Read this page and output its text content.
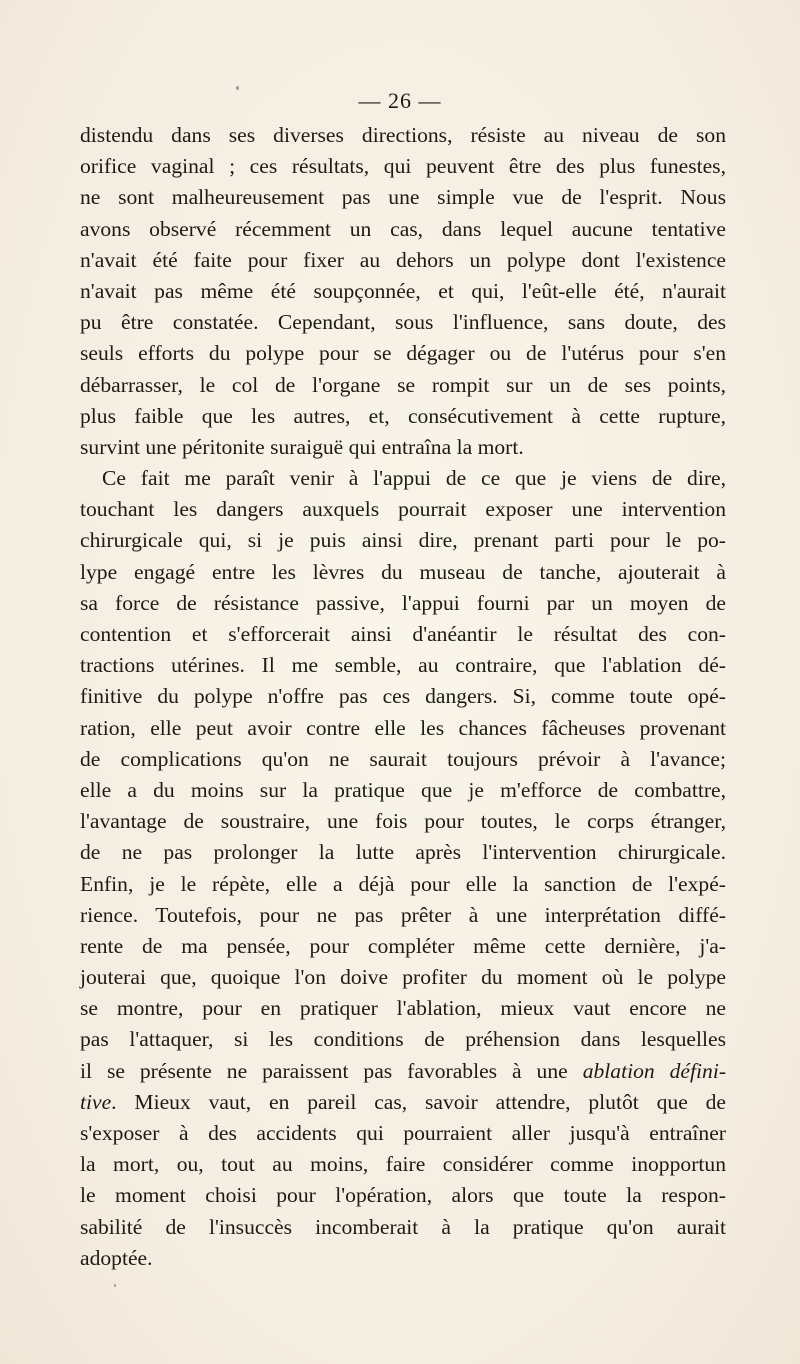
— 26 —
distendu dans ses diverses directions, résiste au niveau de son
orifice vaginal ; ces résultats, qui peuvent être des plus funestes,
ne sont malheureusement pas une simple vue de l'esprit. Nous
avons observé récemment un cas, dans lequel aucune tentative
n'avait été faite pour fixer au dehors un polype dont l'existence
n'avait pas même été soupçonnée, et qui, l'eût-elle été, n'aurait
pu être constatée. Cependant, sous l'influence, sans doute, des
seuls efforts du polype pour se dégager ou de l'utérus pour s'en
débarrasser, le col de l'organe se rompit sur un de ses points,
plus faible que les autres, et, consécutivement à cette rupture,
survint une péritonite suraiguë qui entraîna la mort.
Ce fait me paraît venir à l'appui de ce que je viens de dire,
touchant les dangers auxquels pourrait exposer une intervention
chirurgicale qui, si je puis ainsi dire, prenant parti pour le po-
lype engagé entre les lèvres du museau de tanche, ajouterait à
sa force de résistance passive, l'appui fourni par un moyen de
contention et s'efforcerait ainsi d'anéantir le résultat des con-
tractions utérines. Il me semble, au contraire, que l'ablation dé-
finitive du polype n'offre pas ces dangers. Si, comme toute opé-
ration, elle peut avoir contre elle les chances fâcheuses provenant
de complications qu'on ne saurait toujours prévoir à l'avance;
elle a du moins sur la pratique que je m'efforce de combattre,
l'avantage de soustraire, une fois pour toutes, le corps étranger,
de ne pas prolonger la lutte après l'intervention chirurgicale.
Enfin, je le répète, elle a déjà pour elle la sanction de l'expé-
rience. Toutefois, pour ne pas prêter à une interprétation diffé-
rente de ma pensée, pour compléter même cette dernière, j'a-
jouterai que, quoique l'on doive profiter du moment où le polype
se montre, pour en pratiquer l'ablation, mieux vaut encore ne
pas l'attaquer, si les conditions de préhension dans lesquelles
il se présente ne paraissent pas favorables à une ablation défini-
tive. Mieux vaut, en pareil cas, savoir attendre, plutôt que de
s'exposer à des accidents qui pourraient aller jusqu'à entraîner
la mort, ou, tout au moins, faire considérer comme inopportun
le moment choisi pour l'opération, alors que toute la respon-
sabilité de l'insuccès incomberait à la pratique qu'on aurait
adoptée.
